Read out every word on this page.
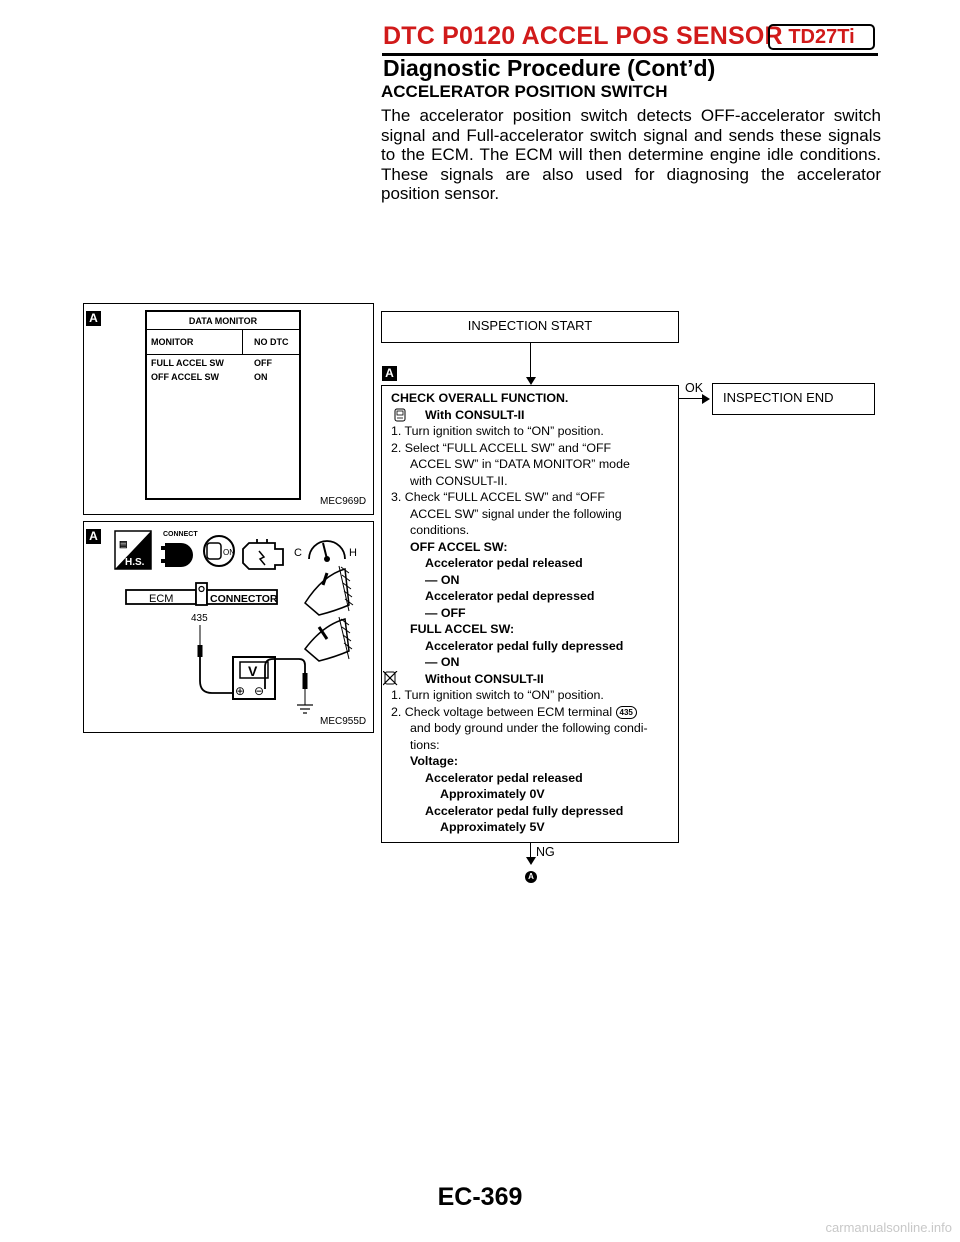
DTC P0120 ACCEL POS SENSOR TD27Ti
Diagnostic Procedure (Cont’d)
ACCELERATOR POSITION SWITCH
The accelerator position switch detects OFF-accelerator switch signal and Full-accelerator switch signal and sends these signals to the ECM. The ECM will then determine engine idle conditions. These signals are also used for diagnosing the accelerator position sensor.
A	DATA MONITOR
MONITOR	NO DTC
FULL ACCEL SW	OFF
OFF ACCEL SW	ON
MEC969D
A
▤
H.S.
CONNECT
ON	C	H
ECM	CONNECTOR
435
V
⊕ ⊖
MEC955D
INSPECTION START
A
CHECK OVERALL FUNCTION.
With CONSULT-II
1. Turn ignition switch to “ON” position.
2. Select “FULL ACCELL SW” and “OFF
ACCEL SW” in “DATA MONITOR” mode
with CONSULT-II.
3. Check “FULL ACCEL SW” and “OFF
ACCEL SW” signal under the following
conditions.
OFF ACCEL SW:
Accelerator pedal released
— ON
Accelerator pedal depressed
— OFF
FULL ACCEL SW:
Accelerator pedal fully depressed
— ON
Without CONSULT-II
1. Turn ignition switch to “ON” position.
2. Check voltage between ECM terminal 435
and body ground under the following condi-
tions:
Voltage:
Accelerator pedal released
Approximately 0V
Accelerator pedal fully depressed
Approximately 5V
OK
INSPECTION END
NG
A
EC-369
carmanualsonline.info
